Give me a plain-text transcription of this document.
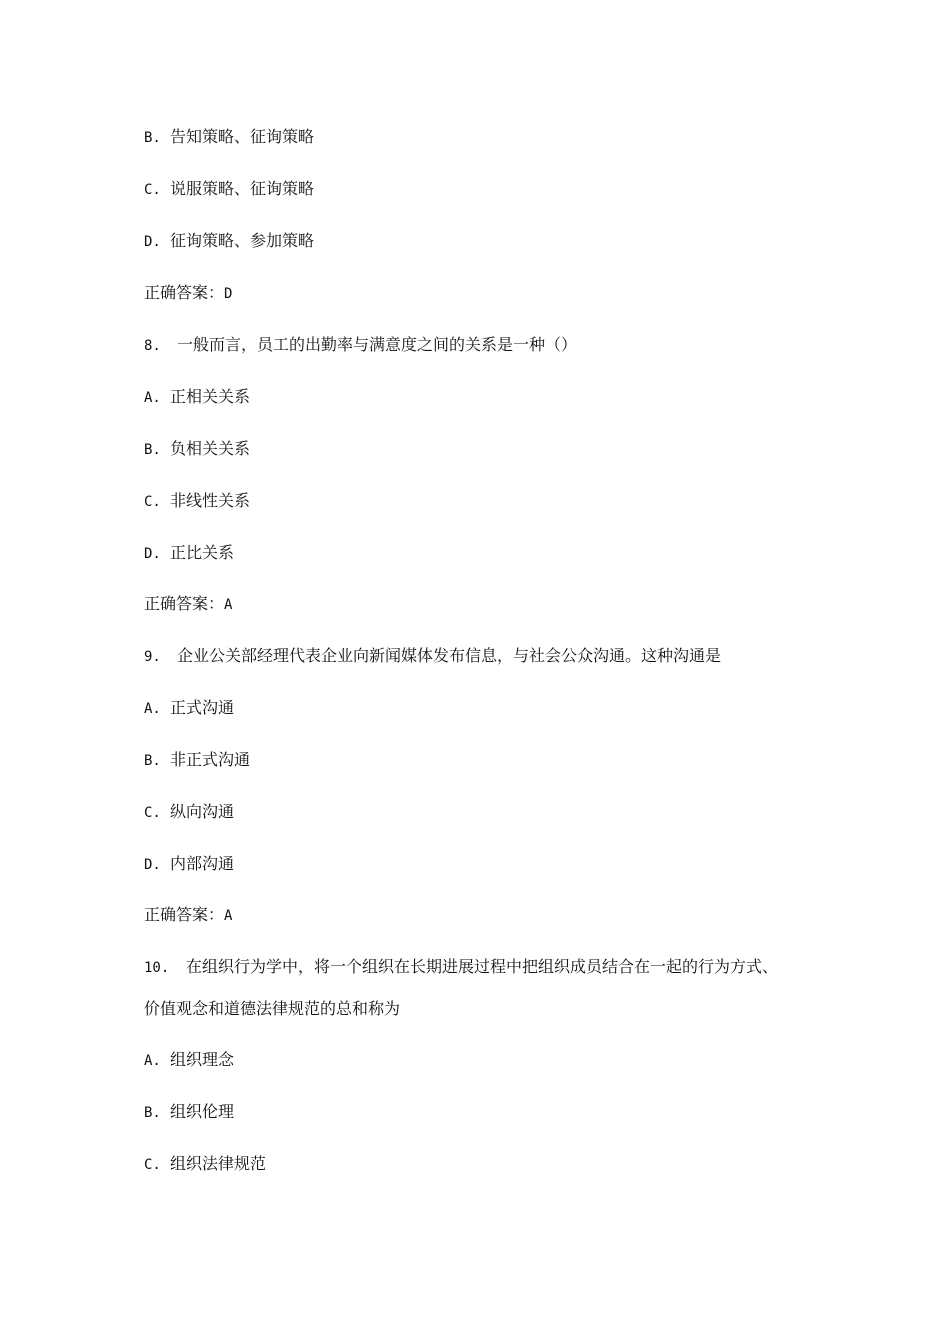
B. 告知策略、征询策略
C. 说服策略、征询策略
D. 征询策略、参加策略
正确答案：D
8. 一般而言，员工的出勤率与满意度之间的关系是一种（）
A. 正相关关系
B. 负相关关系
C. 非线性关系
D. 正比关系
正确答案：A
9. 企业公关部经理代表企业向新闻媒体发布信息，与社会公众沟通。这种沟通是
A. 正式沟通
B. 非正式沟通
C. 纵向沟通
D. 内部沟通
正确答案：A
10. 在组织行为学中，将一个组织在长期进展过程中把组织成员结合在一起的行为方式、
价值观念和道德法律规范的总和称为
A. 组织理念
B. 组织伦理
C. 组织法律规范
